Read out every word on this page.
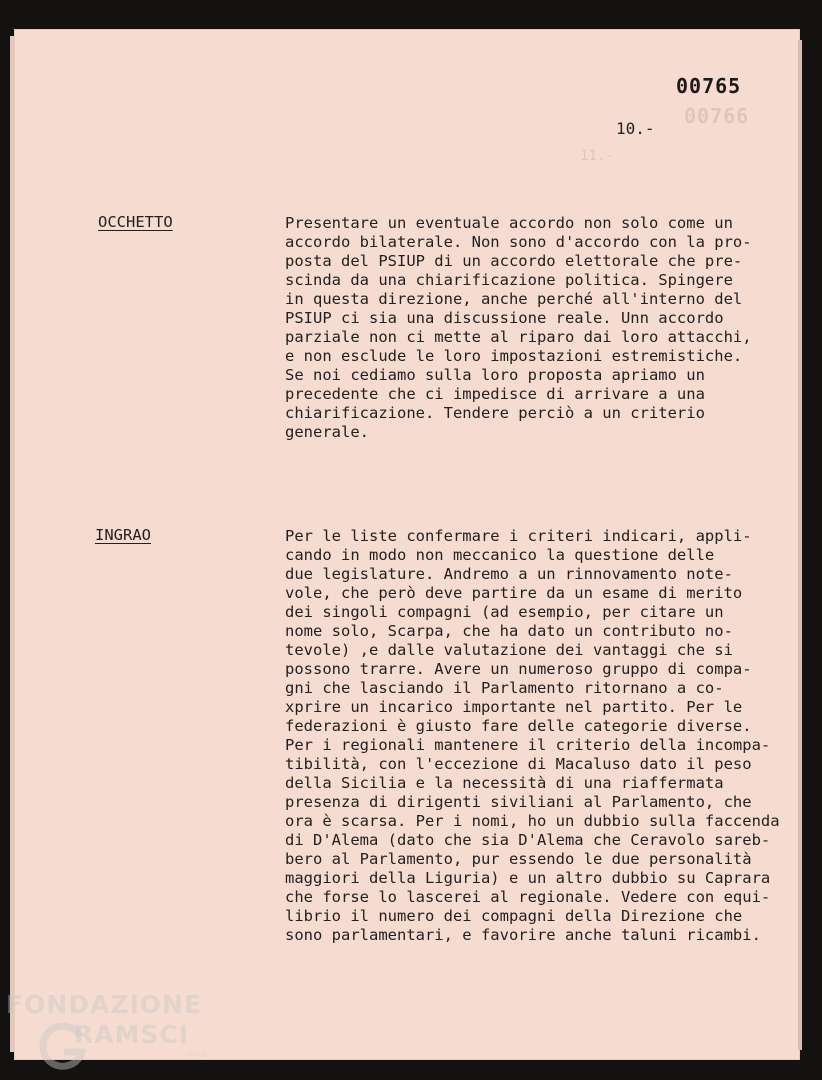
00766
11.-
00765
10.-
OCCHETTO	Presentare un eventuale accordo non solo come un
accordo bilaterale. Non sono d'accordo con la pro-
posta del PSIUP di un accordo elettorale che pre-
scinda da una chiarificazione politica. Spingere
in questa direzione, anche perché all'interno del
PSIUP ci sia una discussione reale. Unn accordo
parziale non ci mette al riparo dai loro attacchi,
e non esclude le loro impostazioni estremistiche.
Se noi cediamo sulla loro proposta apriamo un
precedente che ci impedisce di arrivare a una
chiarificazione. Tendere perciò a un criterio
generale.
INGRAO	Per le liste confermare i criteri indicari, appli-
cando in modo non meccanico la questione delle
due legislature. Andremo a un rinnovamento note-
vole, che però deve partire da un esame di merito
dei singoli compagni (ad esempio, per citare un
nome solo, Scarpa, che ha dato un contributo no-
tevole) ,e dalle valutazione dei vantaggi che si
possono trarre. Avere un numeroso gruppo di compa-
gni che lasciando il Parlamento ritornano a co-
xprire un incarico importante nel partito. Per le
federazioni è giusto fare delle categorie diverse.
Per i regionali mantenere il criterio della incompa-
tibilità, con l'eccezione di Macaluso dato il peso
della Sicilia e la necessità di una riaffermata
presenza di dirigenti siviliani al Parlamento, che
ora è scarsa. Per i nomi, ho un dubbio sulla faccenda
di D'Alema (dato che sia D'Alema che Ceravolo sareb-
bero al Parlamento, pur essendo le due personalità
maggiori della Liguria) e un altro dubbio su Caprara
che forse lo lascerei al regionale. Vedere con equi-
librio il numero dei compagni della Direzione che
sono parlamentari, e favorire anche taluni ricambi.
FONDAZIONE
RAMSCI
onlus
